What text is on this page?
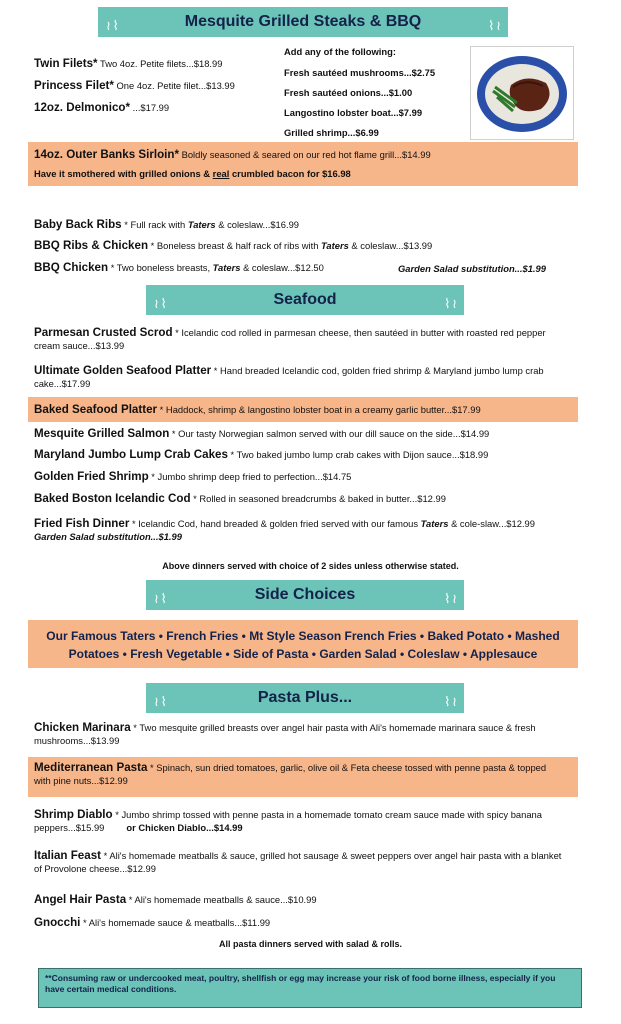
≀ ⌇	Mesquite Grilled Steaks & BBQ	⌇ ≀
Twin Filets* Two 4oz. Petite filets...$18.99
Princess Filet* One 4oz. Petite filet...$13.99
12oz. Delmonico* ...$17.99
Add any of the following:
Fresh sautéed mushrooms...$2.75
Fresh sautéed onions...$1.00
Langostino lobster boat...$7.99
Grilled shrimp...$6.99
14oz. Outer Banks Sirloin* Boldly seasoned & seared on our red hot flame grill...$14.99
Have it smothered with grilled onions & real crumbled bacon for $16.98
Baby Back Ribs * Full rack with Taters & coleslaw...$16.99
BBQ Ribs & Chicken * Boneless breast & half rack of ribs with Taters & coleslaw...$13.99
BBQ Chicken * Two boneless breasts, Taters & coleslaw...$12.50	Garden Salad substitution...$1.99
≀ ⌇	Seafood	⌇ ≀
Parmesan Crusted Scrod * Icelandic cod rolled in parmesan cheese, then sautéed in butter with roasted red pepper cream sauce...$13.99
Ultimate Golden Seafood Platter * Hand breaded Icelandic cod, golden fried shrimp & Maryland jumbo lump crab cake...$17.99
Baked Seafood Platter * Haddock, shrimp & langostino lobster boat in a creamy garlic butter...$17.99
Mesquite Grilled Salmon * Our tasty Norwegian salmon served with our dill sauce on the side...$14.99
Maryland Jumbo Lump Crab Cakes * Two baked jumbo lump crab cakes with Dijon sauce...$18.99
Golden Fried Shrimp * Jumbo shrimp deep fried to perfection...$14.75
Baked Boston Icelandic Cod * Rolled in seasoned breadcrumbs & baked in butter...$12.99
Fried Fish Dinner * Icelandic Cod, hand breaded & golden fried served with our famous Taters & cole-slaw...$12.99 Garden Salad substitution...$1.99
Above dinners served with choice of 2 sides unless otherwise stated.
≀ ⌇	Side Choices	⌇ ≀
Our Famous Taters • French Fries • Mt Style Season French Fries • Baked Potato • Mashed
Potatoes • Fresh Vegetable • Side of Pasta • Garden Salad • Coleslaw • Applesauce
≀ ⌇	Pasta Plus...	⌇ ≀
Chicken Marinara * Two mesquite grilled breasts over angel hair pasta with Ali's homemade marinara sauce & fresh mushrooms...$13.99
Mediterranean Pasta * Spinach, sun dried tomatoes, garlic, olive oil & Feta cheese tossed with penne pasta & topped with pine nuts...$12.99
Shrimp Diablo * Jumbo shrimp tossed with penne pasta in a homemade tomato cream sauce made with spicy banana peppers...$15.99 or Chicken Diablo...$14.99
Italian Feast * Ali's homemade meatballs & sauce, grilled hot sausage & sweet peppers over angel hair pasta with a blanket of Provolone cheese...$12.99
Angel Hair Pasta * Ali's homemade meatballs & sauce...$10.99
Gnocchi * Ali's homemade sauce & meatballs...$11.99
All pasta dinners served with salad & rolls.
**Consuming raw or undercooked meat, poultry, shellfish or egg may increase your risk of food borne illness, especially if you have certain medical conditions.
